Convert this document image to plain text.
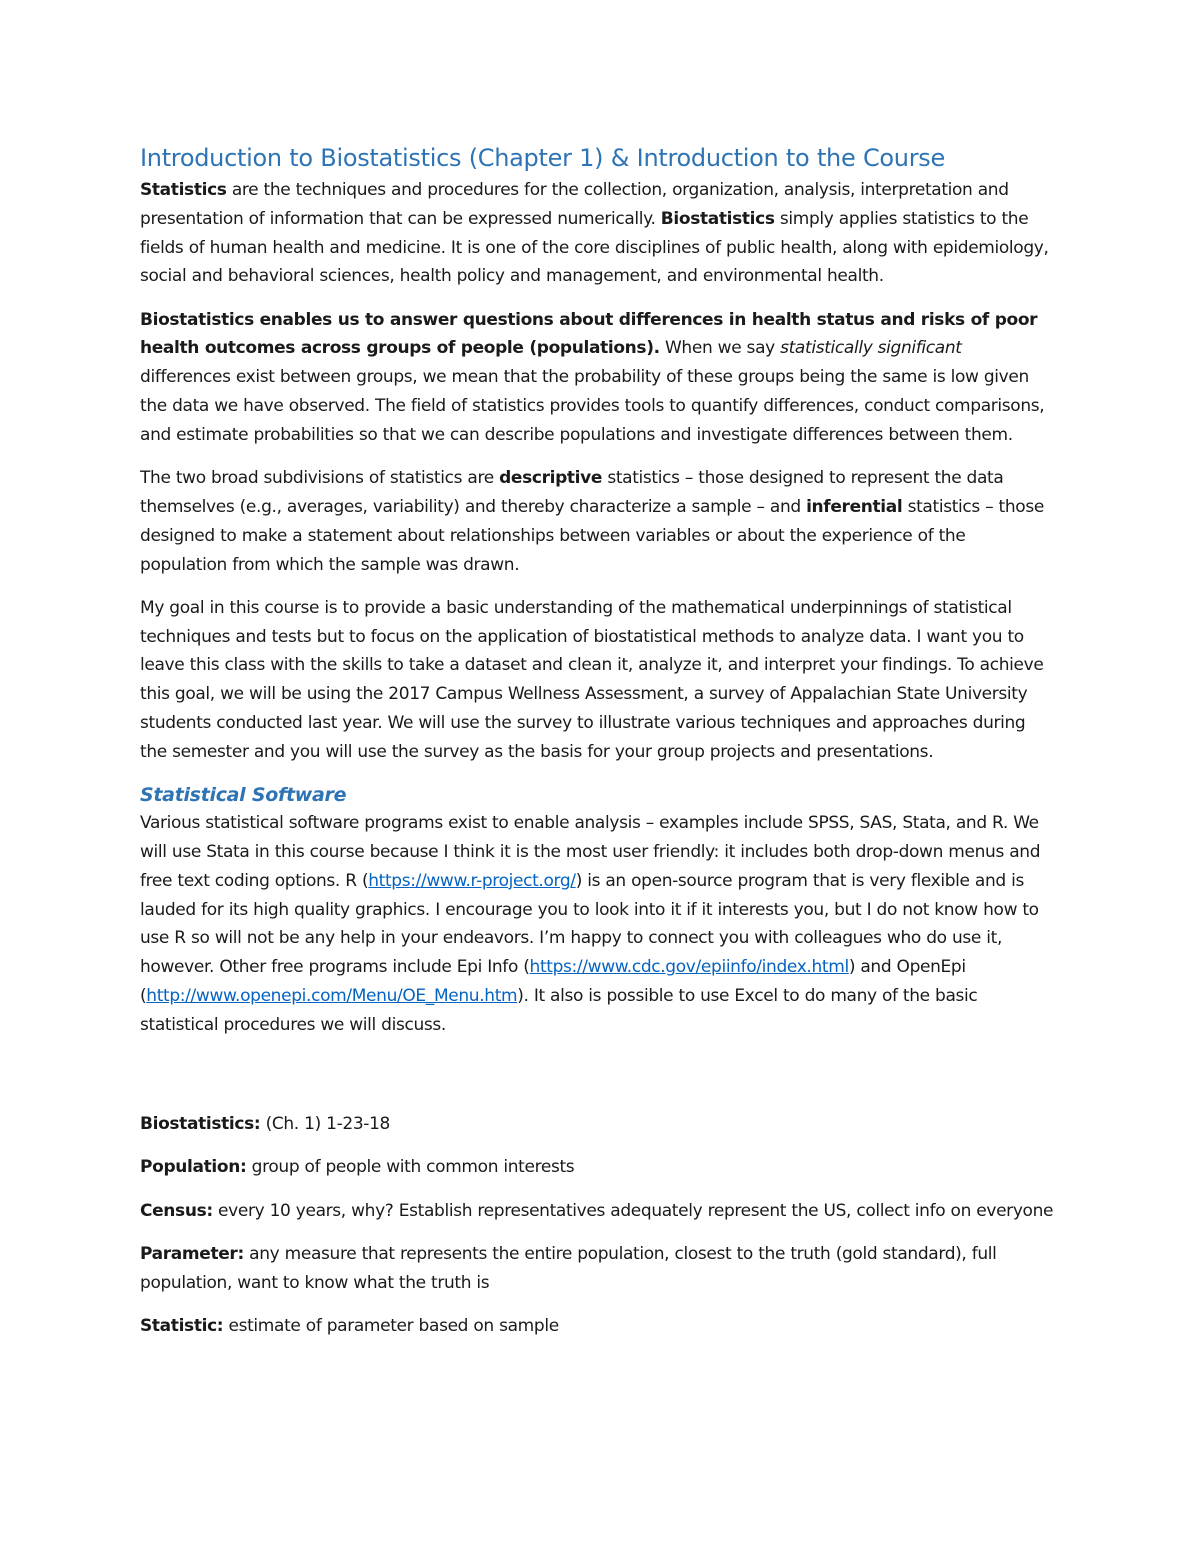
Introduction to Biostatistics (Chapter 1) & Introduction to the Course

Statistics are the techniques and procedures for the collection, organization, analysis, interpretation and presentation of information that can be expressed numerically. Biostatistics simply applies statistics to the fields of human health and medicine. It is one of the core disciplines of public health, along with epidemiology, social and behavioral sciences, health policy and management, and environmental health.

Biostatistics enables us to answer questions about differences in health status and risks of poor health outcomes across groups of people (populations). When we say statistically significant differences exist between groups, we mean that the probability of these groups being the same is low given the data we have observed. The field of statistics provides tools to quantify differences, conduct comparisons, and estimate probabilities so that we can describe populations and investigate differences between them.

The two broad subdivisions of statistics are descriptive statistics – those designed to represent the data themselves (e.g., averages, variability) and thereby characterize a sample – and inferential statistics – those designed to make a statement about relationships between variables or about the experience of the population from which the sample was drawn.

My goal in this course is to provide a basic understanding of the mathematical underpinnings of statistical techniques and tests but to focus on the application of biostatistical methods to analyze data. I want you to leave this class with the skills to take a dataset and clean it, analyze it, and interpret your findings. To achieve this goal, we will be using the 2017 Campus Wellness Assessment, a survey of Appalachian State University students conducted last year. We will use the survey to illustrate various techniques and approaches during the semester and you will use the survey as the basis for your group projects and presentations.

Statistical Software

Various statistical software programs exist to enable analysis – examples include SPSS, SAS, Stata, and R. We will use Stata in this course because I think it is the most user friendly: it includes both drop-down menus and free text coding options. R (https://www.r-project.org/) is an open-source program that is very flexible and is lauded for its high quality graphics. I encourage you to look into it if it interests you, but I do not know how to use R so will not be any help in your endeavors. I’m happy to connect you with colleagues who do use it, however. Other free programs include Epi Info (https://www.cdc.gov/epiinfo/index.html) and OpenEpi (http://www.openepi.com/Menu/OE_Menu.htm). It also is possible to use Excel to do many of the basic statistical procedures we will discuss.

Biostatistics: (Ch. 1) 1-23-18

Population: group of people with common interests

Census: every 10 years, why? Establish representatives adequately represent the US, collect info on everyone

Parameter: any measure that represents the entire population, closest to the truth (gold standard), full population, want to know what the truth is

Statistic: estimate of parameter based on sample
